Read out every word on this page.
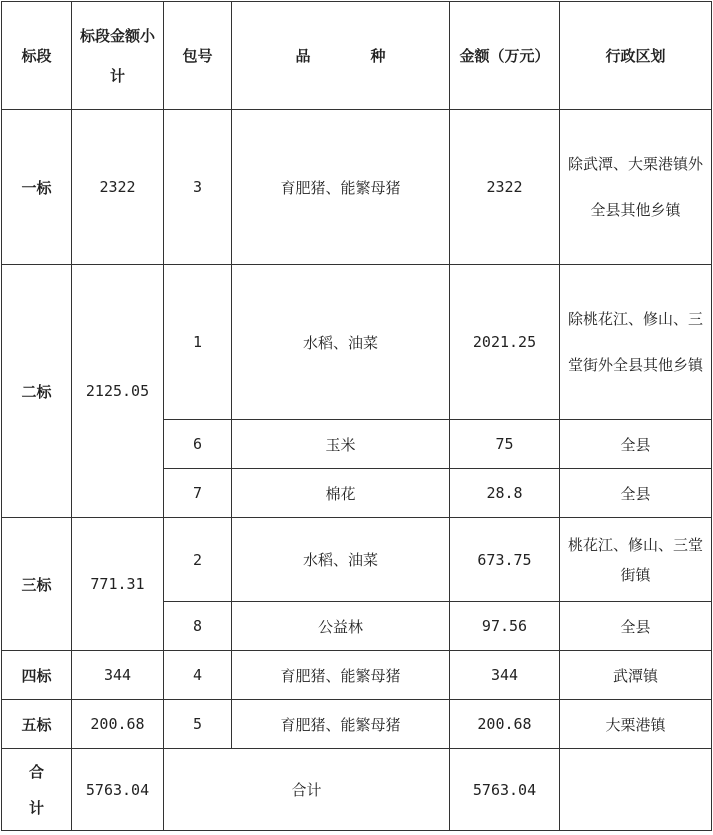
标段	标段金额小计	包号	品　　　　种	金额（万元）	行政区划
一标	2322	3	育肥猪、能繁母猪	2322	除武潭、大栗港镇外全县其他乡镇
二标	2125.05	1	水稻、油菜	2021.25	除桃花江、修山、三堂街外全县其他乡镇
		6	玉米	75	全县
		7	棉花	28.8	全县
三标	771.31	2	水稻、油菜	673.75	桃花江、修山、三堂街镇
		8	公益林	97.56	全县
四标	344	4	育肥猪、能繁母猪	344	武潭镇
五标	200.68	5	育肥猪、能繁母猪	200.68	大栗港镇

合计	5763.04	合计		5763.04	
